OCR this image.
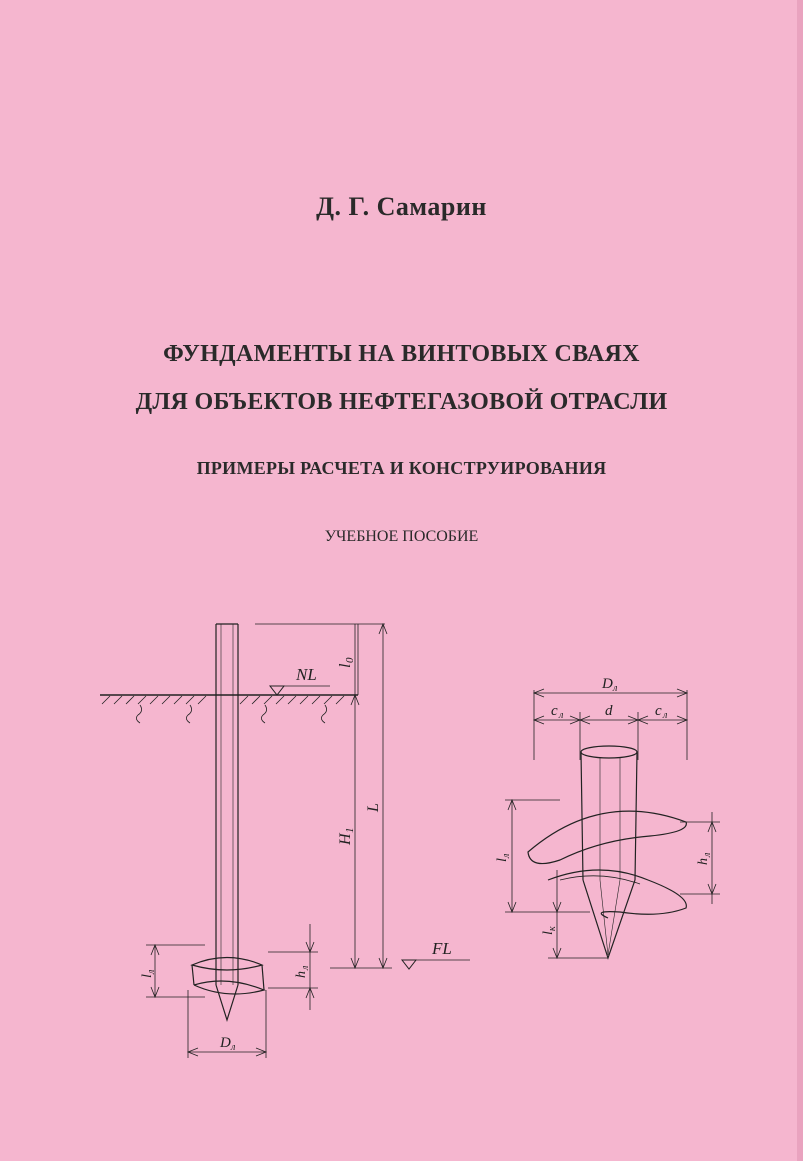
Д. Г. Самарин
ФУНДАМЕНТЫ НА ВИНТОВЫХ СВАЯХ
ДЛЯ ОБЪЕКТОВ НЕФТЕГАЗОВОЙ ОТРАСЛИ
ПРИМЕРЫ РАСЧЕТА И КОНСТРУИРОВАНИЯ
УЧЕБНОЕ ПОСОБИЕ
NL
FL
l
0
H
1
L
l
л	h
л
D л
D л
c л	d	c л
l
л
l
к
h
л
